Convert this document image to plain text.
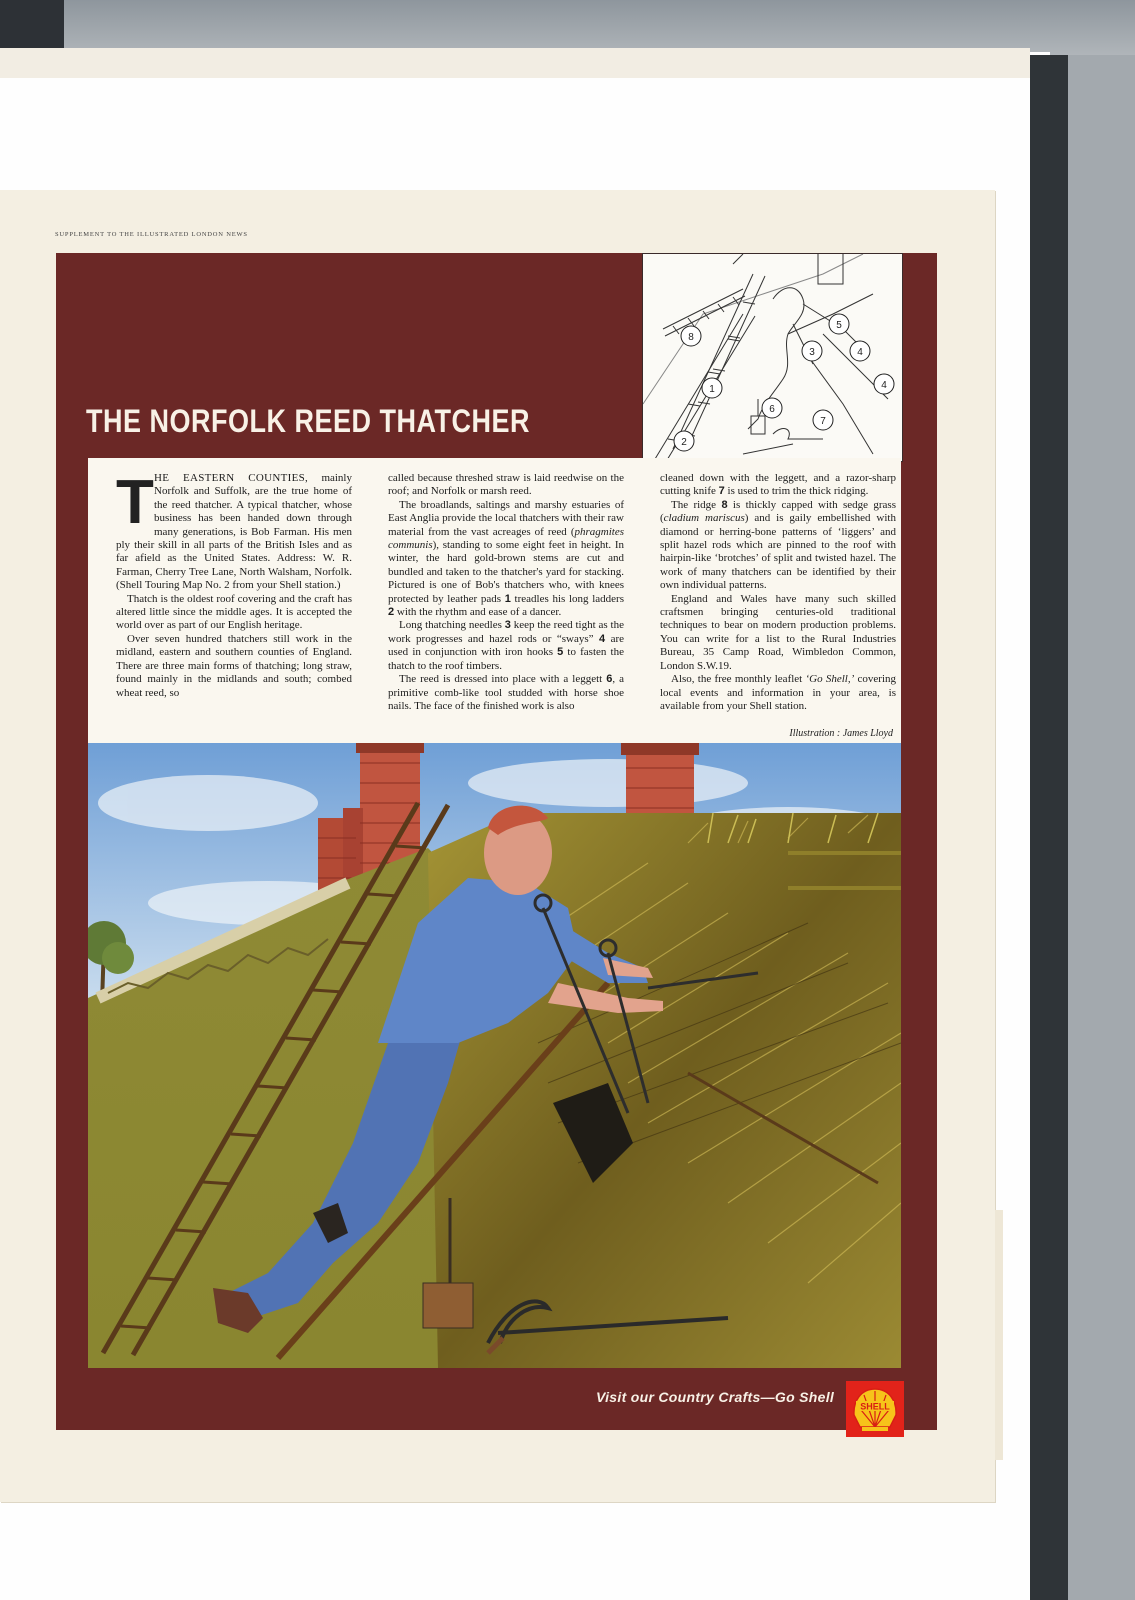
SUPPLEMENT TO THE ILLUSTRATED LONDON NEWS
THE NORFOLK REED THATCHER
1
2
3	4
4
5
6
7
8

THE EASTERN COUNTIES, mainly Norfolk and Suffolk, are the true home of the reed thatcher. A typical thatcher, whose business has been handed down through many generations, is Bob Farman. His men ply their skill in all parts of the British Isles and as far afield as the United States. Address: W. R. Farman, Cherry Tree Lane, North Walsham, Norfolk. (Shell Touring Map No. 2 from your Shell station.)

Thatch is the oldest roof covering and the craft has altered little since the middle ages. It is accepted the world over as part of our English heritage.

Over seven hundred thatchers still work in the midland, eastern and southern counties of England. There are three main forms of thatching; long straw, found mainly in the midlands and south; combed wheat reed, so

called because threshed straw is laid reedwise on the roof; and Norfolk or marsh reed.

The broadlands, saltings and marshy estuaries of East Anglia provide the local thatchers with their raw material from the vast acreages of reed (phragmites communis), standing to some eight feet in height. In winter, the hard gold-brown stems are cut and bundled and taken to the thatcher's yard for stacking. Pictured is one of Bob's thatchers who, with knees protected by leather pads 1 treadles his long ladders 2 with the rhythm and ease of a dancer.

Long thatching needles 3 keep the reed tight as the work progresses and hazel rods or “sways” 4 are used in conjunction with iron hooks 5 to fasten the thatch to the roof timbers.

The reed is dressed into place with a leggett 6, a primitive comb-like tool studded with horse shoe nails. The face of the finished work is also

cleaned down with the leggett, and a razor-sharp cutting knife 7 is used to trim the thick ridging.

The ridge 8 is thickly capped with sedge grass (cladium mariscus) and is gaily embellished with diamond or herring-bone patterns of ‘liggers’ and split hazel rods which are pinned to the roof with hairpin-like ‘brotches’ of split and twisted hazel. The work of many thatchers can be identified by their own individual patterns.

England and Wales have many such skilled craftsmen bringing centuries-old traditional techniques to bear on modern production problems. You can write for a list to the Rural Industries Bureau, 35 Camp Road, Wimbledon Common, London S.W.19.

Also, the free monthly leaflet ‘Go Shell,’ covering local events and information in your area, is available from your Shell station.

Illustration : James Lloyd
Visit our Country Crafts—Go Shell
SHELL
